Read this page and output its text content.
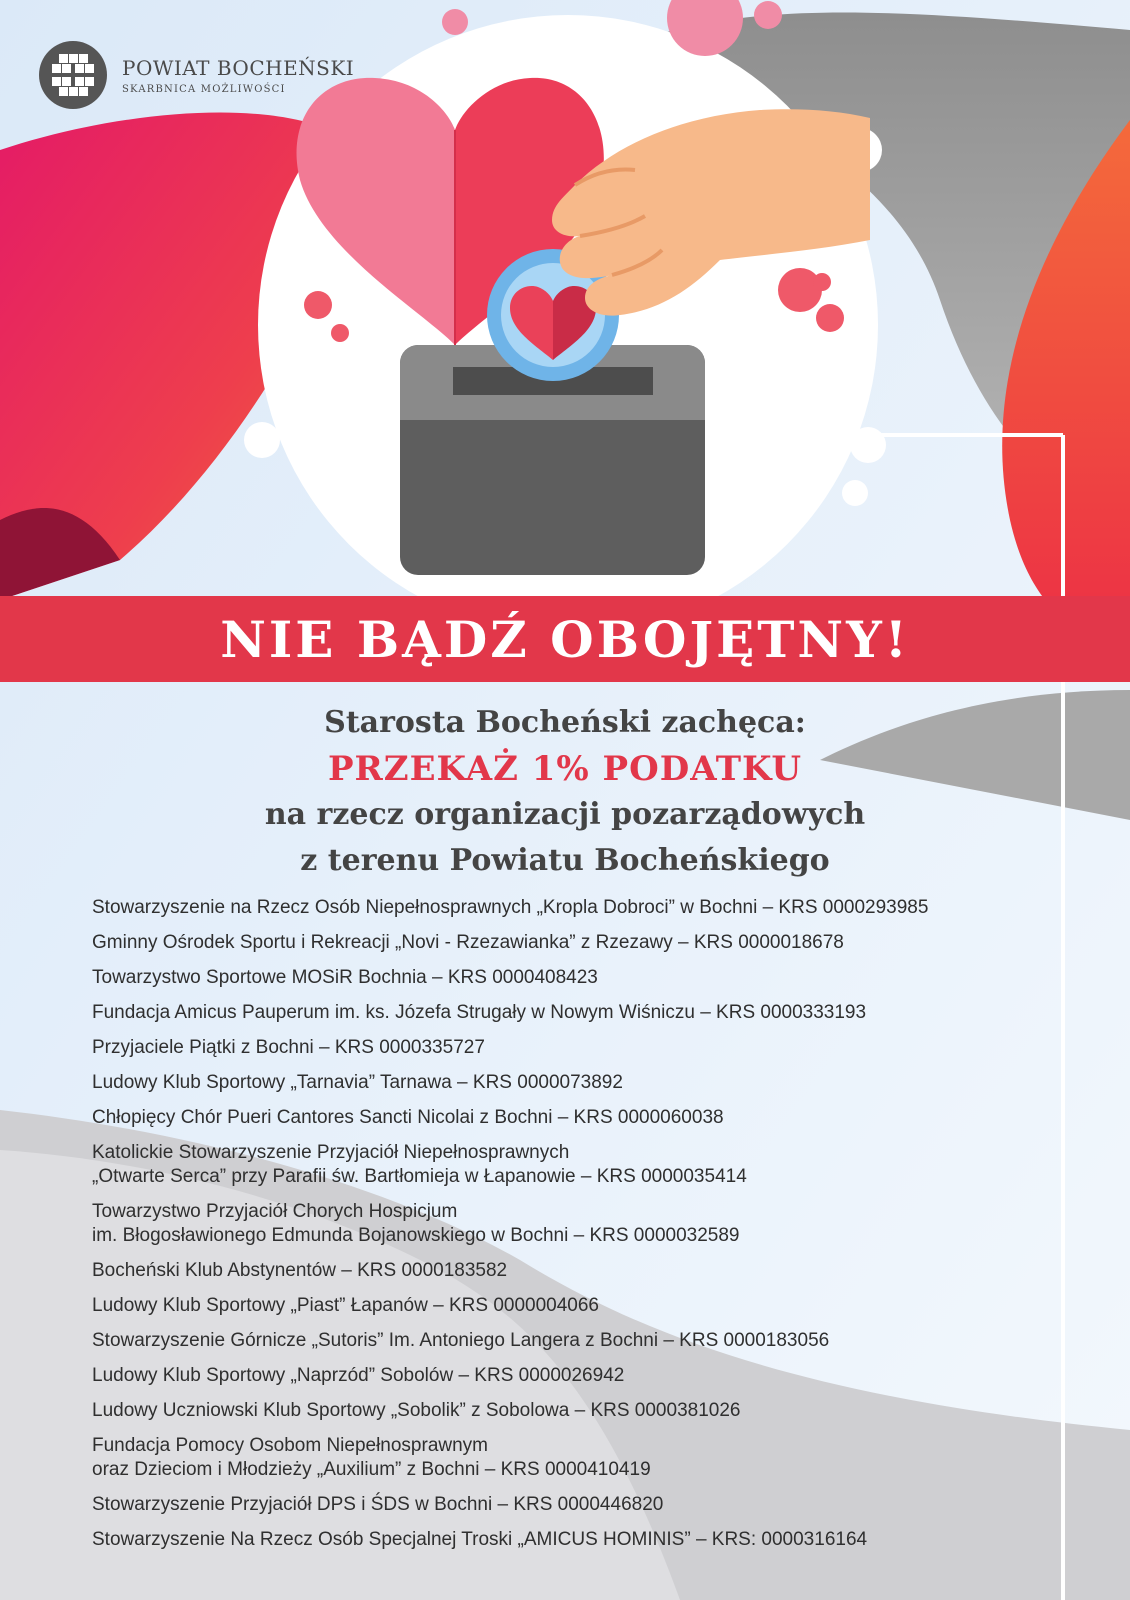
POWIAT BOCHEŃSKI
SKARBNICA MOŻLIWOŚCI
NIE BĄDŹ OBOJĘTNY!
Starosta Bocheński zachęca:
PRZEKAŻ 1% PODATKU
na rzecz organizacji pozarządowych
z terenu Powiatu Bocheńskiego
Stowarzyszenie na Rzecz Osób Niepełnosprawnych „Kropla Dobroci” w Bochni – KRS 0000293985
Gminny Ośrodek Sportu i Rekreacji „Novi - Rzezawianka” z Rzezawy – KRS 0000018678
Towarzystwo Sportowe MOSiR Bochnia – KRS 0000408423
Fundacja Amicus Pauperum im. ks. Józefa Strugały w Nowym Wiśniczu – KRS 0000333193
Przyjaciele Piątki z Bochni – KRS 0000335727
Ludowy Klub Sportowy „Tarnavia” Tarnawa – KRS 0000073892
Chłopięcy Chór Pueri Cantores Sancti Nicolai z Bochni – KRS 0000060038
Katolickie Stowarzyszenie Przyjaciół Niepełnosprawnych
„Otwarte Serca” przy Parafii św. Bartłomieja w Łapanowie – KRS 0000035414
Towarzystwo Przyjaciół Chorych Hospicjum
im. Błogosławionego Edmunda Bojanowskiego w Bochni – KRS 0000032589
Bocheński Klub Abstynentów – KRS 0000183582
Ludowy Klub Sportowy „Piast” Łapanów – KRS 0000004066
Stowarzyszenie Górnicze „Sutoris” Im. Antoniego Langera z Bochni – KRS 0000183056
Ludowy Klub Sportowy „Naprzód” Sobolów – KRS 0000026942
Ludowy Uczniowski Klub Sportowy „Sobolik” z Sobolowa – KRS 0000381026
Fundacja Pomocy Osobom Niepełnosprawnym
oraz Dzieciom i Młodzieży „Auxilium” z Bochni – KRS 0000410419
Stowarzyszenie Przyjaciół DPS i ŚDS w Bochni – KRS 0000446820
Stowarzyszenie Na Rzecz Osób Specjalnej Troski „AMICUS HOMINIS” – KRS: 0000316164
